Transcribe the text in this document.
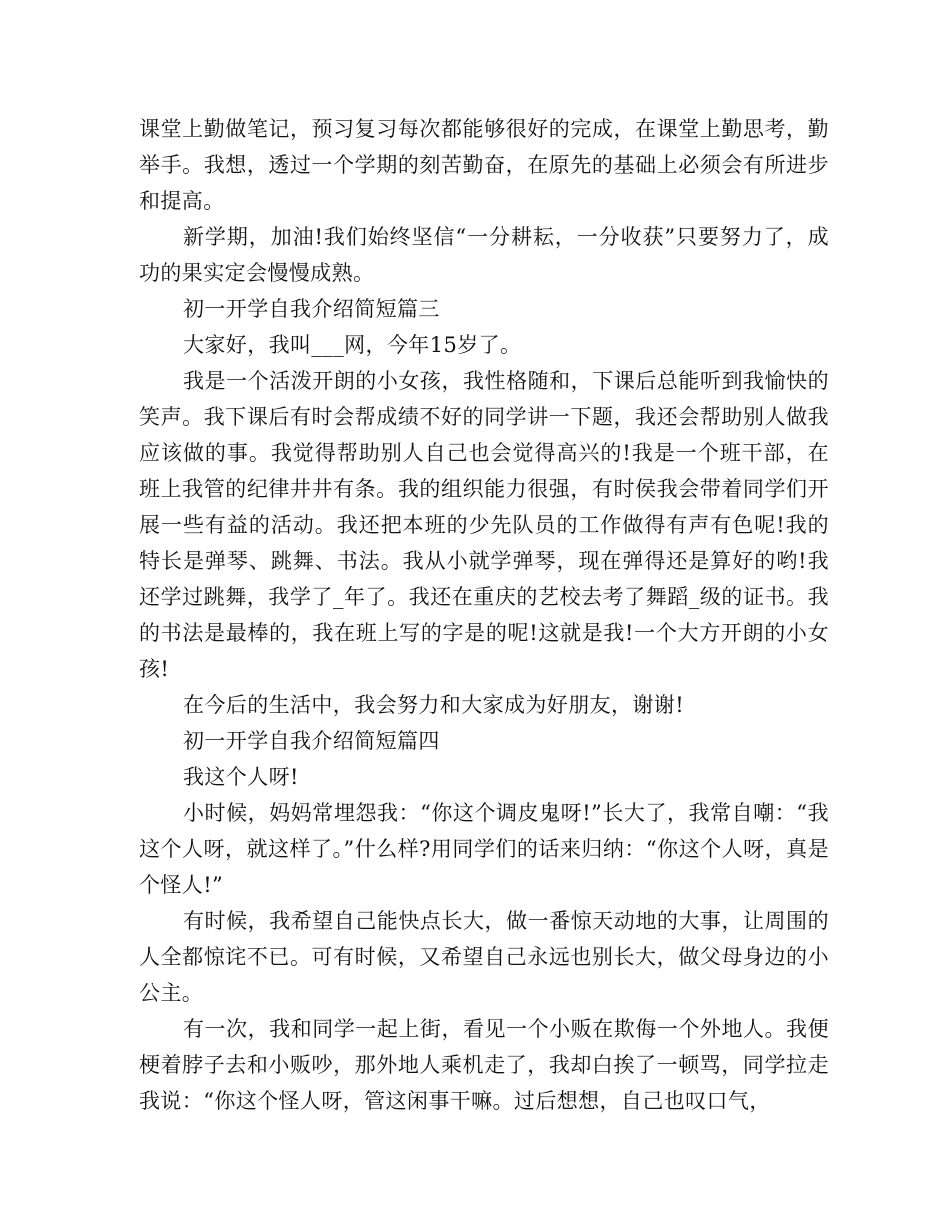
课堂上勤做笔记，预习复习每次都能够很好的完成，在课堂上勤思考，勤举手。我想，透过一个学期的刻苦勤奋，在原先的基础上必须会有所进步和提高。

新学期，加油!我们始终坚信“一分耕耘，一分收获”只要努力了，成功的果实定会慢慢成熟。

初一开学自我介绍简短篇三

大家好，我叫___网，今年15岁了。

我是一个活泼开朗的小女孩，我性格随和，下课后总能听到我愉快的笑声。我下课后有时会帮成绩不好的同学讲一下题，我还会帮助别人做我应该做的事。我觉得帮助别人自己也会觉得高兴的!我是一个班干部，在班上我管的纪律井井有条。我的组织能力很强，有时侯我会带着同学们开展一些有益的活动。我还把本班的少先队员的工作做得有声有色呢!我的特长是弹琴、跳舞、书法。我从小就学弹琴，现在弹得还是算好的哟!我还学过跳舞，我学了_年了。我还在重庆的艺校去考了舞蹈_级的证书。我的书法是最棒的，我在班上写的字是的呢!这就是我!一个大方开朗的小女孩!

在今后的生活中，我会努力和大家成为好朋友，谢谢!

初一开学自我介绍简短篇四

我这个人呀!

小时候，妈妈常埋怨我：“你这个调皮鬼呀!”长大了，我常自嘲：“我这个人呀，就这样了。”什么样?用同学们的话来归纳：“你这个人呀，真是个怪人!”

有时候，我希望自己能快点长大，做一番惊天动地的大事，让周围的人全都惊诧不已。可有时候，又希望自己永远也别长大，做父母身边的小公主。

有一次，我和同学一起上街，看见一个小贩在欺侮一个外地人。我便梗着脖子去和小贩吵，那外地人乘机走了，我却白挨了一顿骂，同学拉走我说：“你这个怪人呀，管这闲事干嘛。过后想想，自己也叹口气，
